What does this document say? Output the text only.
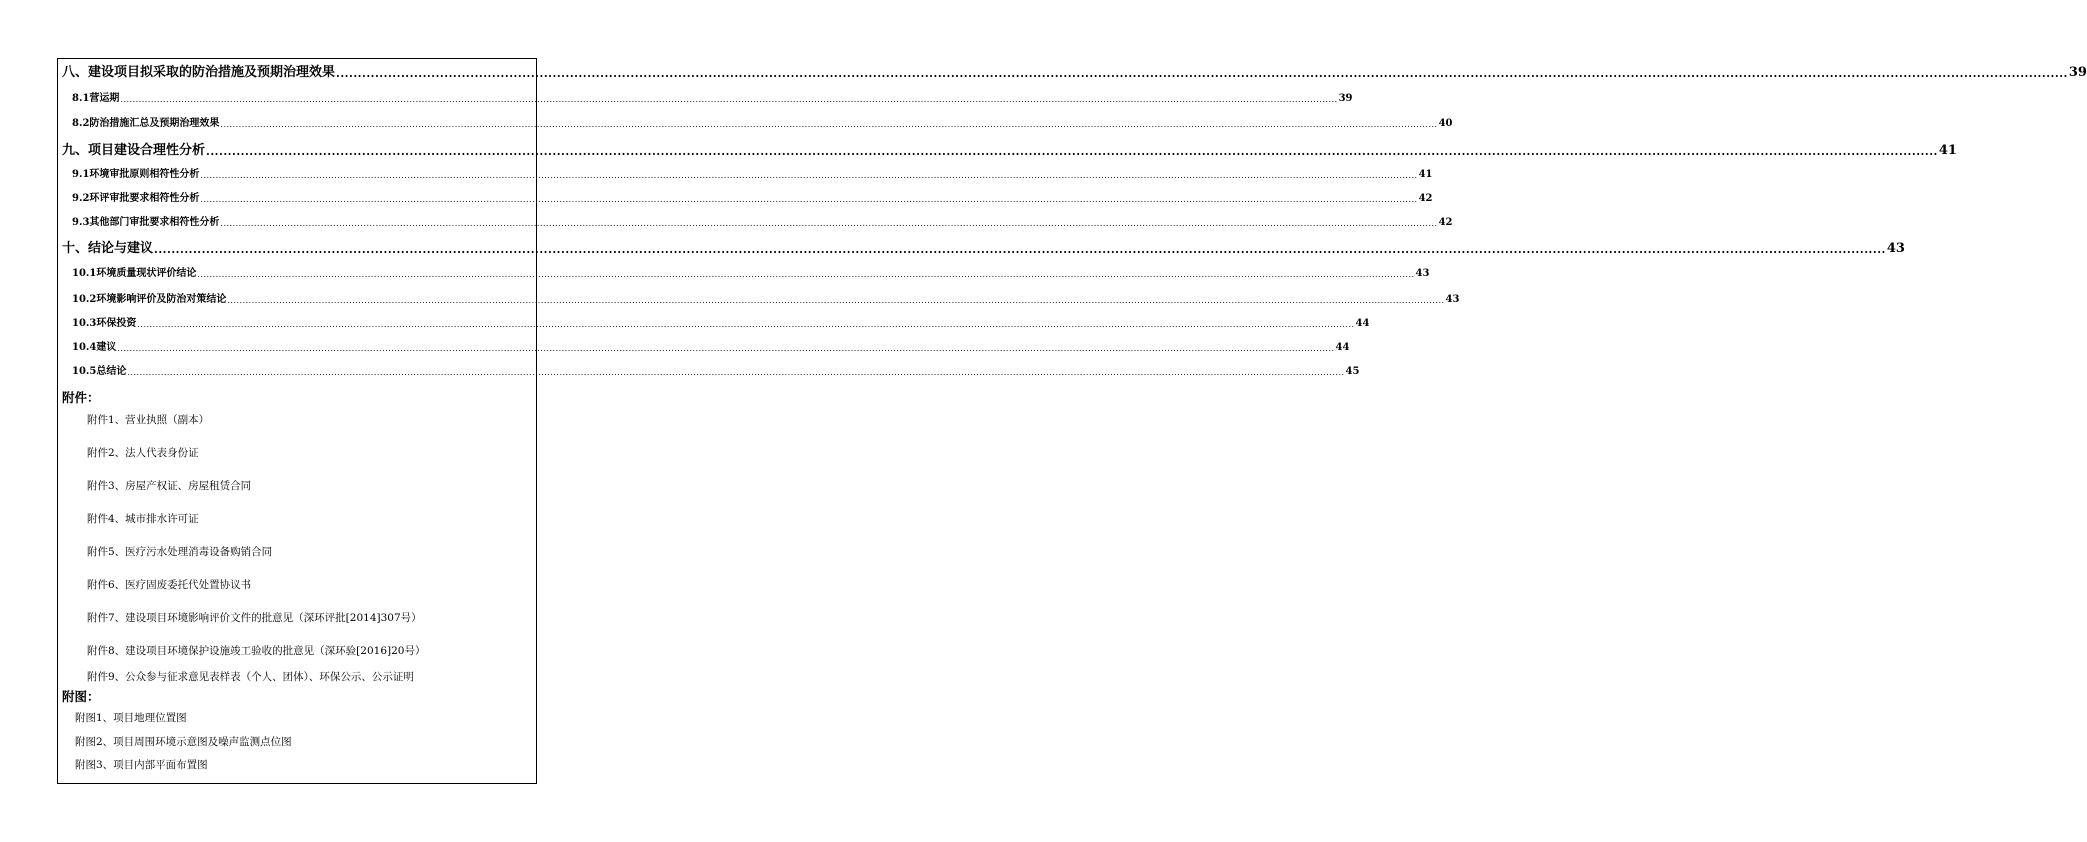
八、建设项目拟采取的防治措施及预期治理效果 ................................................................................................................................................................................................................................................................................................................................................................................................................ 39
8.1营运期 ................................................................................................................................................................................................................................................................................................................................................................................................................ 39
8.2防治措施汇总及预期治理效果 ................................................................................................................................................................................................................................................................................................................................................................................................................ 40
九、项目建设合理性分析 ................................................................................................................................................................................................................................................................................................................................................................................................................ 41
9.1环境审批原则相符性分析 ................................................................................................................................................................................................................................................................................................................................................................................................................ 41
9.2环评审批要求相符性分析 ................................................................................................................................................................................................................................................................................................................................................................................................................ 42
9.3其他部门审批要求相符性分析 ................................................................................................................................................................................................................................................................................................................................................................................................................ 42
十、结论与建议 ................................................................................................................................................................................................................................................................................................................................................................................................................ 43
10.1环境质量现状评价结论 ................................................................................................................................................................................................................................................................................................................................................................................................................ 43
10.2环境影响评价及防治对策结论 ................................................................................................................................................................................................................................................................................................................................................................................................................ 43
10.3环保投资 ................................................................................................................................................................................................................................................................................................................................................................................................................ 44
10.4建议 ................................................................................................................................................................................................................................................................................................................................................................................................................ 44
10.5总结论 ................................................................................................................................................................................................................................................................................................................................................................................................................ 45
附件：
附件1、营业执照（副本）
附件2、法人代表身份证
附件3、房屋产权证、房屋租赁合同
附件4、城市排水许可证
附件5、医疗污水处理消毒设备购销合同
附件6、医疗固废委托代处置协议书
附件7、建设项目环境影响评价文件的批意见（深环评批[2014]307号）
附件8、建设项目环境保护设施竣工验收的批意见（深环验[2016]20号）
附件9、公众参与征求意见表样表（个人、团体）、环保公示、公示证明
附图：
附图1、项目地理位置图
附图2、项目周围环境示意图及噪声监测点位图
附图3、项目内部平面布置图
